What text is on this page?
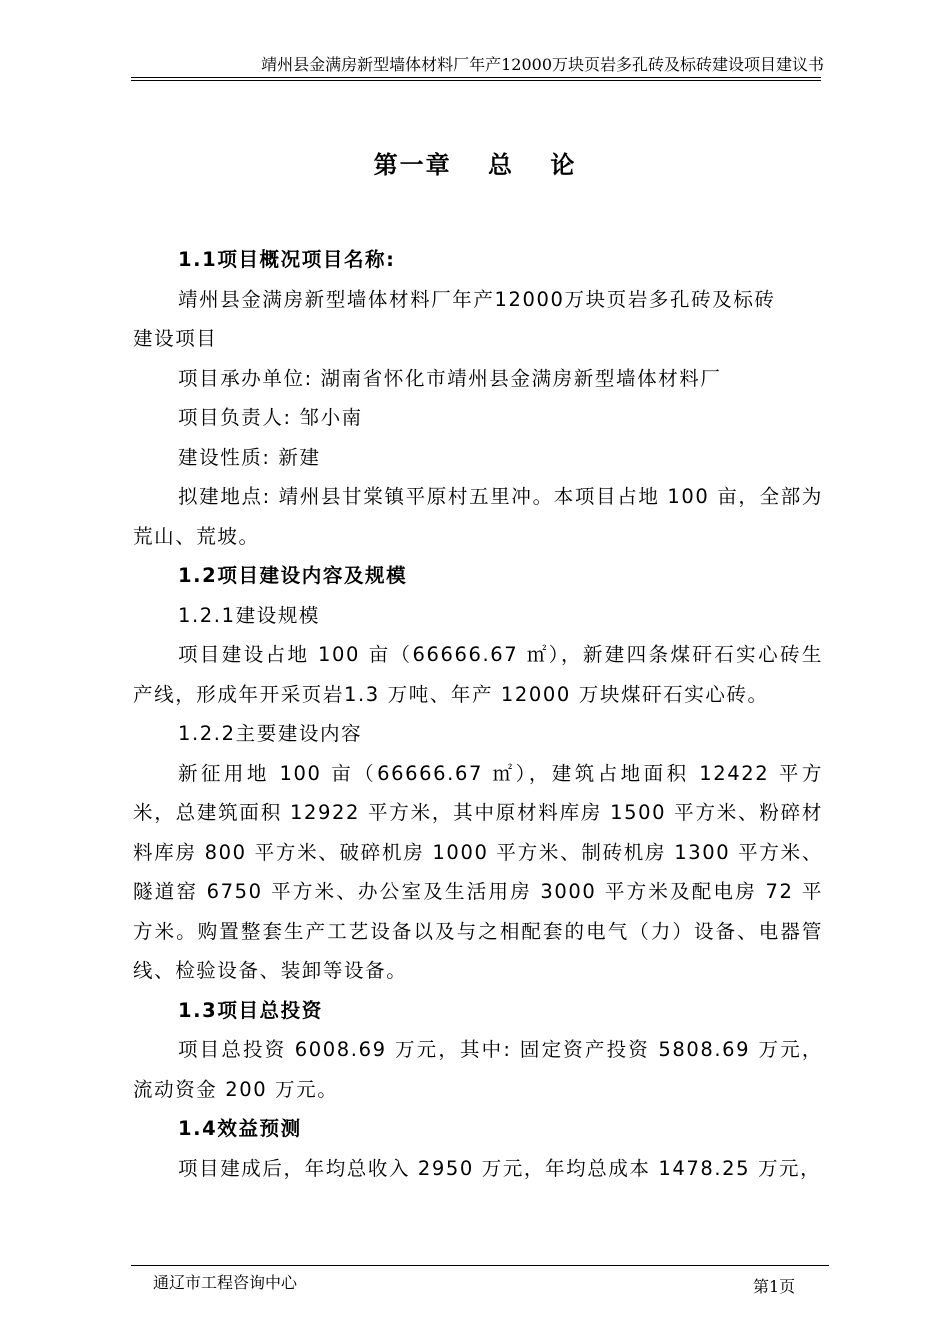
靖州县金满房新型墙体材料厂年产12000万块页岩多孔砖及标砖建设项目建议书
第一章　 总　 论

1.1项目概况项目名称:

靖州县金满房新型墙体材料厂年产12000万块页岩多孔砖及标砖

建设项目

项目承办单位: 湖南省怀化市靖州县金满房新型墙体材料厂

项目负责人: 邹小南

建设性质: 新建

拟建地点: 靖州县甘棠镇平原村五里冲。本项目占地 100 亩，全部为荒山、荒坡。

1.2项目建设内容及规模

1.2.1建设规模

项目建设占地 100 亩（66666.67 ㎡），新建四条煤矸石实心砖生产线，形成年开采页岩1.3 万吨、年产 12000 万块煤矸石实心砖。

1.2.2主要建设内容

新征用地 100 亩（66666.67 ㎡），建筑占地面积 12422 平方米，总建筑面积 12922 平方米，其中原材料库房 1500 平方米、粉碎材料库房 800 平方米、破碎机房 1000 平方米、制砖机房 1300 平方米、隧道窑 6750 平方米、办公室及生活用房 3000 平方米及配电房 72 平方米。购置整套生产工艺设备以及与之相配套的电气（力）设备、电器管线、检验设备、装卸等设备。

1.3项目总投资

项目总投资 6008.69 万元，其中: 固定资产投资 5808.69 万元，流动资金 200 万元。

1.4效益预测

项目建成后，年均总收入 2950 万元，年均总成本 1478.25 万元，

通辽市工程咨询中心	第1页
